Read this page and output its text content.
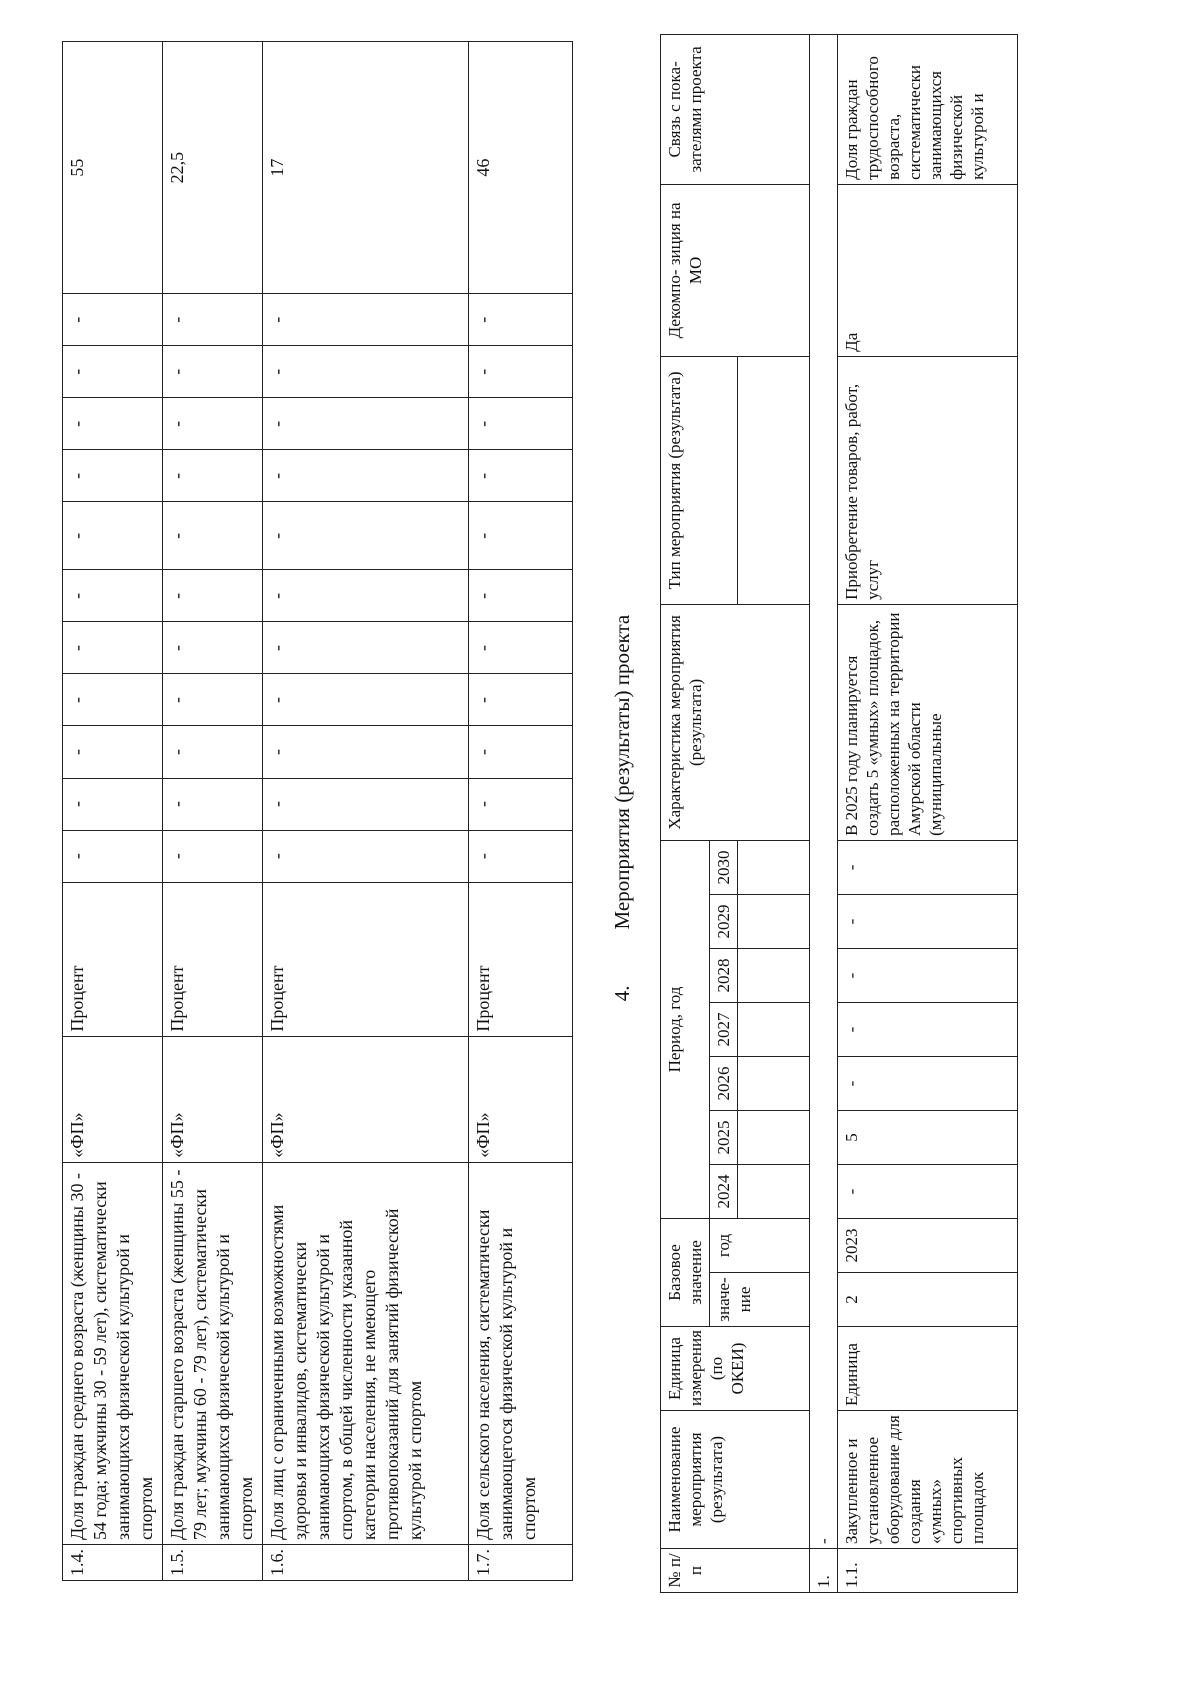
1.4.	Доля граждан среднего возраста (женщины 30 - 54 года; мужчины 30 - 59 лет), систематически занимающихся физической культурой и спортом	«ФП»	Процент	-	-	-	-	-	-	-	-	-	-	-	55
1.5.	Доля граждан старшего возраста (женщины 55 - 79 лет; мужчины 60 - 79 лет), систематически занимающихся физической культурой и спортом	«ФП»	Процент	-	-	-	-	-	-	-	-	-	-	-	22,5
1.6.	Доля лиц с ограниченными возможностями здоровья и инвалидов, систематически занимающихся физической культурой и спортом, в общей численности указанной категории населения, не имеющего противопоказаний для занятий физической культурой и спортом	«ФП»	Процент	-	-	-	-	-	-	-	-	-	-	-	17
1.7.	Доля сельского населения, систематически занимающегося физической культурой и спортом	«ФП»	Процент	-	-	-	-	-	-	-	-	-	-	-	46
4.Мероприятия (результаты) проекта
№ п/п	Наименование мероприятия (результата)	Единица измерения (по ОКЕИ)	Базовое значение		Период, год							Характеристика мероприятия (результата)	Тип мероприятия (результата)	Декомпо- зиция на МО	Связь с пока- зателями проекта
			значе- ние	год	2024	2025	2026	2027	2028	2029	2030				

1.	-														
1.1.	Закупленное и установленное оборудование для создания «умных» спортивных площадок	Единица	2	2023	-	5	-	-	-	-	-	В 2025 году планируется создать 5 «умных» площадок, расположенных на территории Амурской области (муниципальные	Приобретение товаров, работ, услуг	Да	Доля граждан трудоспособного возраста, систематически занимающихся физической культурой и
